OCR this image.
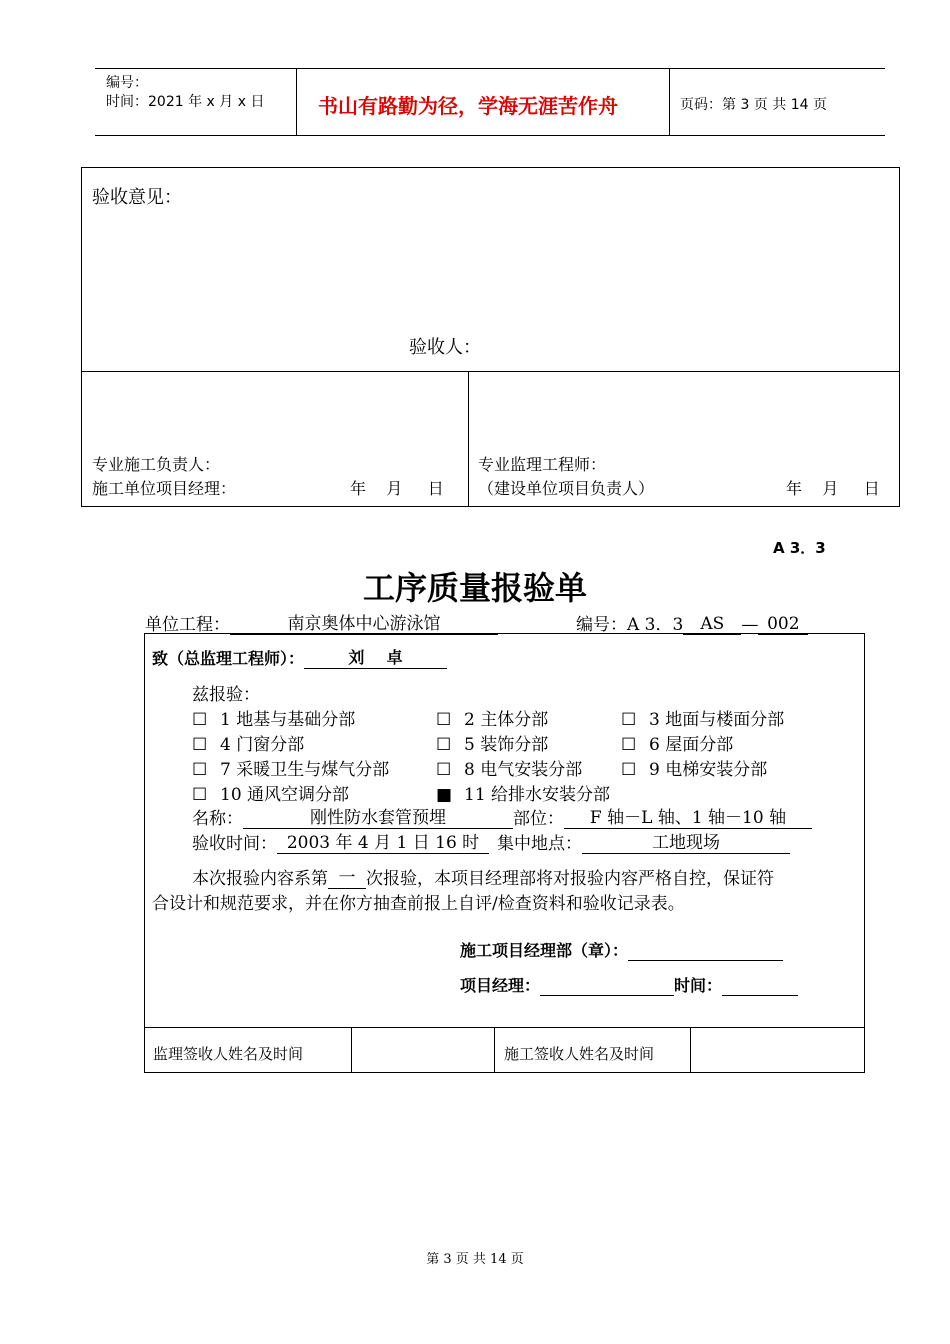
编号：
时间：2021 年 x 月 x 日	书山有路勤为径，学海无涯苦作舟	页码：第 3 页 共 14 页
验收意见：
验收人：
专业施工负责人：
施工单位项目经理：	年    月     日
专业监理工程师：
（建设单位项目负责人）	年    月     日
A 3．3
工序质量报验单
单位工程：	南京奥体中心游泳馆	编号：A 3．3 AS — 002
致（总监理工程师）：	刘    卓
兹报验：
☐ 1 地基与基础分部	☐ 2 主体分部	☐ 3 地面与楼面分部
☐ 4 门窗分部	☐ 5 装饰分部	☐ 6 屋面分部
☐ 7 采暖卫生与煤气分部	☐ 8 电气安装分部 ☐ 9 电梯安装分部
☐ 10 通风空调分部	■ 11 给排水安装分部
名称：	刚性防水套管预埋	部位： F 轴－L 轴、1 轴－10 轴
验收时间： 2003 年 4 月 1 日 16 时 集中地点：	工地现场
本次报验内容系第 一 次报验，本项目经理部将对报验内容严格自控，保证符
合设计和规范要求，并在你方抽查前报上自评/检查资料和验收记录表。
施工项目经理部（章）：
项目经理：	时间：
监理签收人姓名及时间	施工签收人姓名及时间
第 3 页 共 14 页
